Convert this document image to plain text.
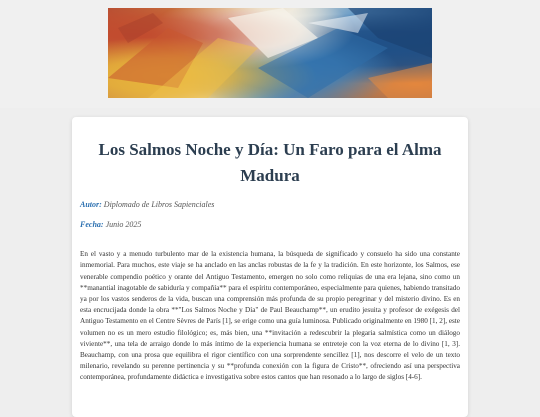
Los Salmos Noche y Día: Un Faro para el Alma Madura
Autor: Diplomado de Libros Sapienciales
Fecha: Junio 2025

En el vasto y a menudo turbulento mar de la existencia humana, la búsqueda de significado y consuelo ha sido una constante inmemorial. Para muchos, este viaje se ha anclado en las anclas robustas de la fe y la tradición. En este horizonte, los Salmos, ese venerable compendio poético y orante del Antiguo Testamento, emergen no solo como reliquias de una era lejana, sino como un **manantial inagotable de sabiduría y compañía** para el espíritu contemporáneo, especialmente para quienes, habiendo transitado ya por los vastos senderos de la vida, buscan una comprensión más profunda de su propio peregrinar y del misterio divino. Es en esta encrucijada donde la obra **"Los Salmos Noche y Día" de Paul Beauchamp**, un erudito jesuita y profesor de exégesis del Antiguo Testamento en el Centre Sèvres de París [1], se erige como una guía luminosa. Publicado originalmente en 1980 [1, 2], este volumen no es un mero estudio filológico; es, más bien, una **invitación a redescubrir la plegaria salmística como un diálogo viviente**, una tela de arraigo donde lo más íntimo de la experiencia humana se entreteje con la voz eterna de lo divino [1, 3]. Beauchamp, con una prosa que equilibra el rigor científico con una sorprendente sencillez [1], nos descorre el velo de un texto milenario, revelando su perenne pertinencia y su **profunda conexión con la figura de Cristo**, ofreciendo así una perspectiva contemporánea, profundamente didáctica e investigativa sobre estos cantos que han resonado a lo largo de siglos [4-6].
